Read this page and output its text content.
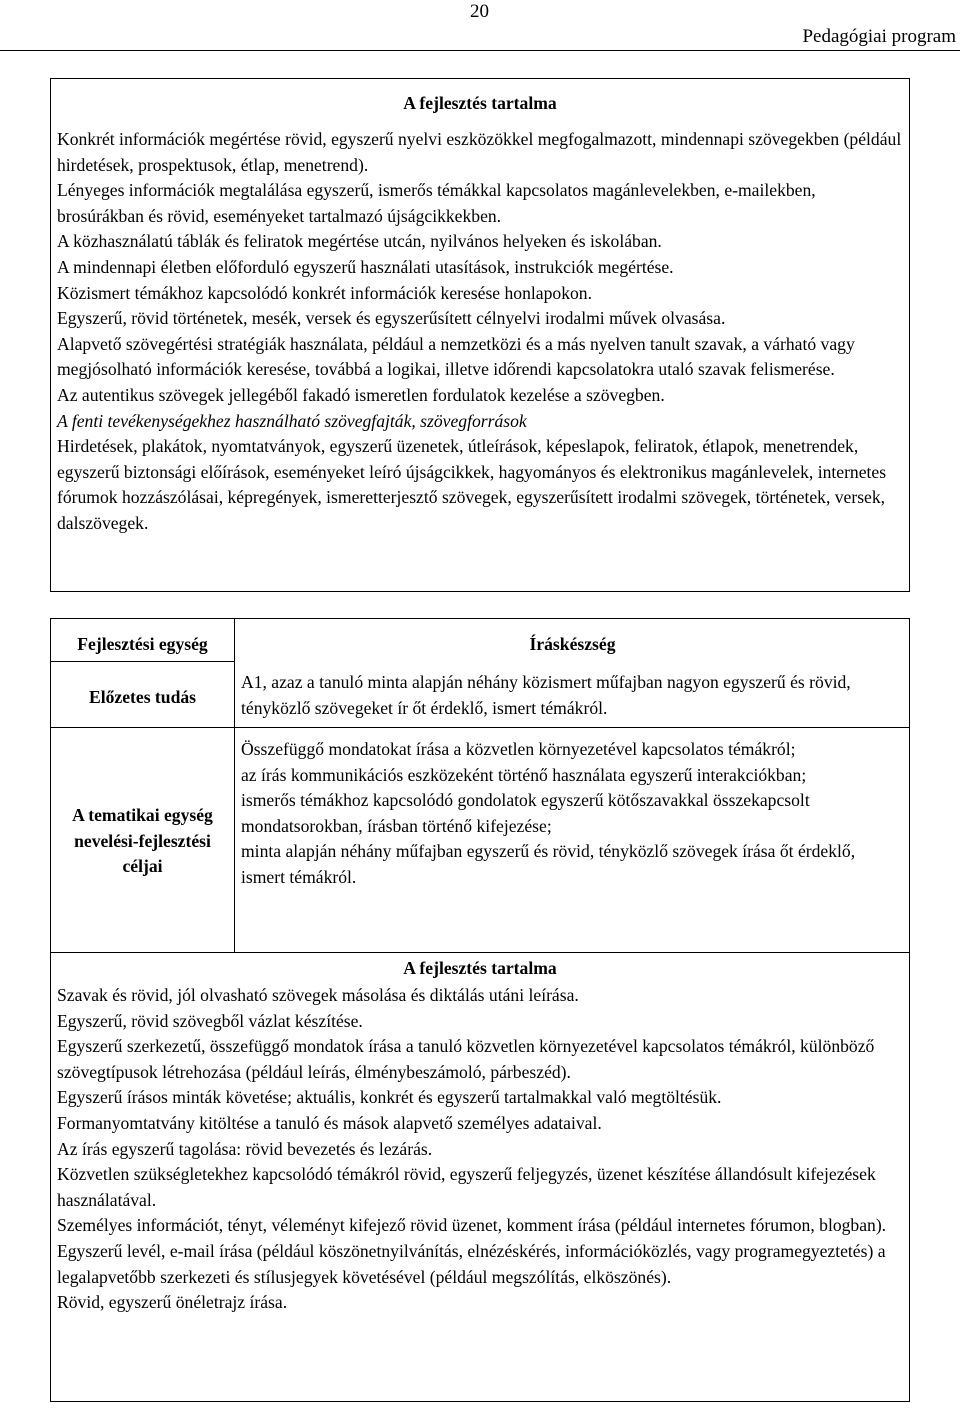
20
Pedagógiai program
A fejlesztés tartalma

Konkrét információk megértése rövid, egyszerű nyelvi eszközökkel megfogalmazott, mindennapi szövegekben (például hirdetések, prospektusok, étlap, menetrend).

Lényeges információk megtalálása egyszerű, ismerős témákkal kapcsolatos magánlevelekben, e-mailekben, brosúrákban és rövid, eseményeket tartalmazó újságcikkekben.

A közhasználatú táblák és feliratok megértése utcán, nyilvános helyeken és iskolában.

A mindennapi életben előforduló egyszerű használati utasítások, instrukciók megértése.

Közismert témákhoz kapcsolódó konkrét információk keresése honlapokon.

Egyszerű, rövid történetek, mesék, versek és egyszerűsített célnyelvi irodalmi művek olvasása.

Alapvető szövegértési stratégiák használata, például a nemzetközi és a más nyelven tanult szavak, a várható vagy megjósolható információk keresése, továbbá a logikai, illetve időrendi kapcsolatokra utaló szavak felismerése.

Az autentikus szövegek jellegéből fakadó ismeretlen fordulatok kezelése a szövegben.

A fenti tevékenységekhez használható szövegfajták, szövegforrások

Hirdetések, plakátok, nyomtatványok, egyszerű üzenetek, útleírások, képeslapok, feliratok, étlapok, menetrendek, egyszerű biztonsági előírások, eseményeket leíró újságcikkek, hagyományos és elektronikus magánlevelek, internetes fórumok hozzászólásai, képregények, ismeretterjesztő szövegek, egyszerűsített irodalmi szövegek, történetek, versek, dalszövegek.

Fejlesztési egység	Íráskészség
Előzetes tudás
A1, azaz a tanuló minta alapján néhány közismert műfajban nagyon egyszerű és rövid, tényközlő szövegeket ír őt érdeklő, ismert témákról.
A tematikai egység nevelési-fejlesztési céljai

Összefüggő mondatokat írása a közvetlen környezetével kapcsolatos témákról;

az írás kommunikációs eszközeként történő használata egyszerű interakciókban;

ismerős témákhoz kapcsolódó gondolatok egyszerű kötőszavakkal összekapcsolt mondatsorokban, írásban történő kifejezése;

minta alapján néhány műfajban egyszerű és rövid, tényközlő szövegek írása őt érdeklő, ismert témákról.

A fejlesztés tartalma

Szavak és rövid, jól olvasható szövegek másolása és diktálás utáni leírása.

Egyszerű, rövid szövegből vázlat készítése.

Egyszerű szerkezetű, összefüggő mondatok írása a tanuló közvetlen környezetével kapcsolatos témákról, különböző szövegtípusok létrehozása (például leírás, élménybeszámoló, párbeszéd).

Egyszerű írásos minták követése; aktuális, konkrét és egyszerű tartalmakkal való megtöltésük.

Formanyomtatvány kitöltése a tanuló és mások alapvető személyes adataival.

Az írás egyszerű tagolása: rövid bevezetés és lezárás.

Közvetlen szükségletekhez kapcsolódó témákról rövid, egyszerű feljegyzés, üzenet készítése állandósult kifejezések használatával.

Személyes információt, tényt, véleményt kifejező rövid üzenet, komment írása (például internetes fórumon, blogban).

Egyszerű levél, e-mail írása (például köszönetnyilvánítás, elnézéskérés, információközlés, vagy programegyeztetés) a legalapvetőbb szerkezeti és stílusjegyek követésével (például megszólítás, elköszönés).

Rövid, egyszerű önéletrajz írása.
